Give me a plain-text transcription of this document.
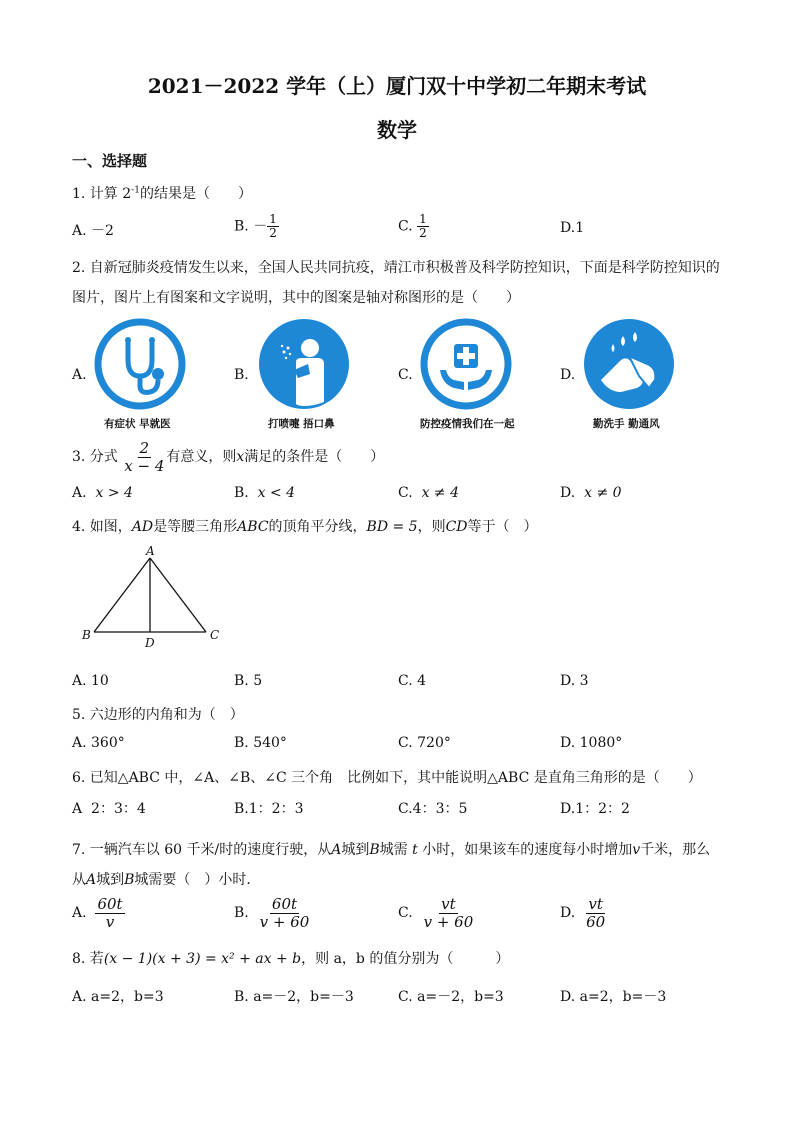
2021－2022 学年（上）厦门双十中学初二年期末考试
数学
一、选择题
1. 计算 $2^{-1}$的结果是（　　）
A. －2	B. － $\frac{1}{2}$	C. $\frac{1}{2}$	D.1
2. 自新冠肺炎疫情发生以来，全国人民共同抗疫，靖江市积极普及科学防控知识，下面是科学防控知识的
图片，图片上有图案和文字说明，其中的图案是轴对称图形的是（　　）
A.
有症状 早就医
B.
打喷嚏 捂口鼻
C.
防控疫情我们在一起
D.
勤洗手 勤通风
3. 分式 $\frac{2}{x - 4}$ 有意义，则x满足的条件是（　　）
A. x > 4	B. x < 4	C. x ≠ 4	D. x ≠ 0
4. 如图，AD是等腰三角形ABC的顶角平分线，BD = 5，则CD等于（　）
A
B	C
D
A. 10	B. 5	C. 4	D. 3
5. 六边形的内角和为（　）
A. 360°	B. 540°	C. 720°	D. 1080°
6. 已知△ABC 中，∠A、∠B、∠C 三个角　比例如下，其中能说明△ABC 是直角三角形的是（　　）
A 2：3：4	B.1：2：3	C.4：3：5	D.1：2：2
7. 一辆汽车以 60 千米/时的速度行驶，从A城到B城需 t 小时，如果该车的速度每小时增加v千米，那么
从A城到B城需要（　）小时．
A. $\frac{60t}{v}$	B. $\frac{60t}{v + 60}$	C. $\frac{vt}{v + 60}$	D. $\frac{vt}{60}$
8. 若(x − 1)(x + 3) = x² + ax + b，则 a，b 的值分别为（　　　）
A. a=2，b=3	B. a=－2，b=－3	C. a=－2，b=3	D. a=2，b=－3
